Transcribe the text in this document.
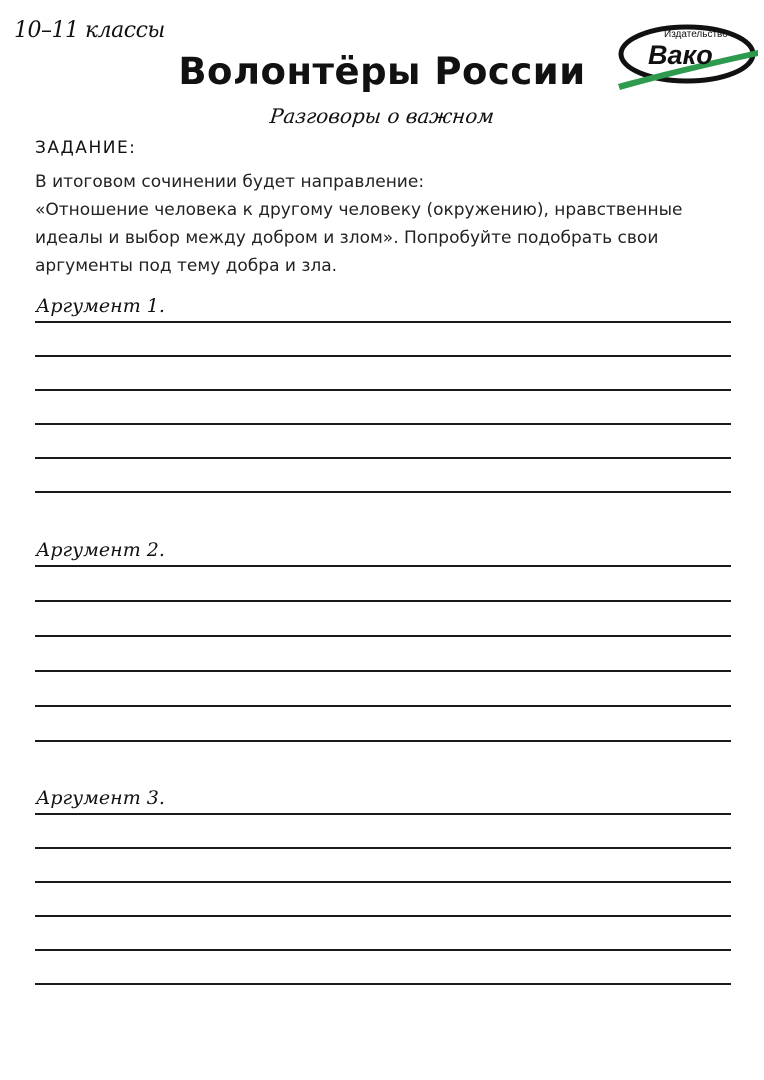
10–11 классы
Волонтёры России
Разговоры о важном
Издательство
Вако
ЗАДАНИЕ:
В итоговом сочинении будет направление:
«Отношение человека к другому человеку (окружению), нравственные
идеалы и выбор между добром и злом». Попробуйте подобрать свои
аргументы под тему добра и зла.
Аргумент 1.
Аргумент 2.
Аргумент 3.
